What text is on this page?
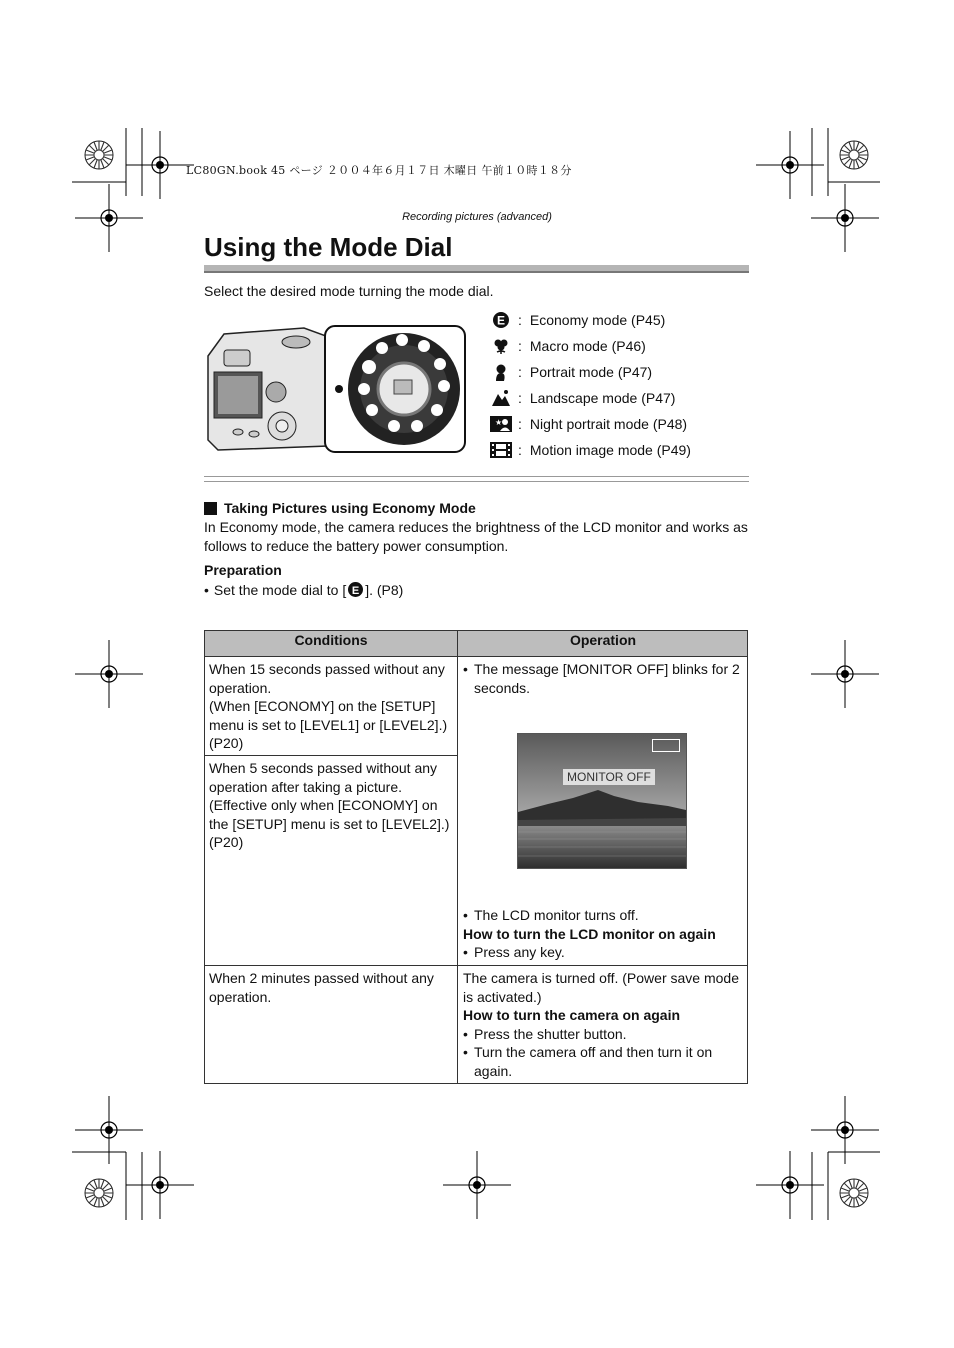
LC80GN.book 45 ページ ２００４年６月１７日 木曜日 午前１０時１８分
Recording pictures (advanced)
Using the Mode Dial
Select the desired mode turning the mode dial.
E : Economy mode (P45)
: Macro mode (P46)
: Portrait mode (P47)
: Landscape mode (P47)
★ : Night portrait mode (P48)
: Motion image mode (P49)
Taking Pictures using Economy Mode
In Economy mode, the camera reduces the brightness of the LCD monitor and works as follows to reduce the battery power consumption.
Preparation
• Set the mode dial to [ E ]. (P8)
Conditions	Operation
When 15 seconds passed without any operation.
(When [ECONOMY] on the [SETUP] menu is set to [LEVEL1] or [LEVEL2].) (P20)
When 5 seconds passed without any operation after taking a picture.
(Effective only when [ECONOMY] on the [SETUP] menu is set to [LEVEL2].) (P20)
When 2 minutes passed without any operation.
• The message [MONITOR OFF] blinks for 2 seconds.
• The LCD monitor turns off.
How to turn the LCD monitor on again
• Press any key.
The camera is turned off. (Power save mode is activated.)
How to turn the camera on again
• Press the shutter button.
• Turn the camera off and then turn it on again.
MONITOR OFF
